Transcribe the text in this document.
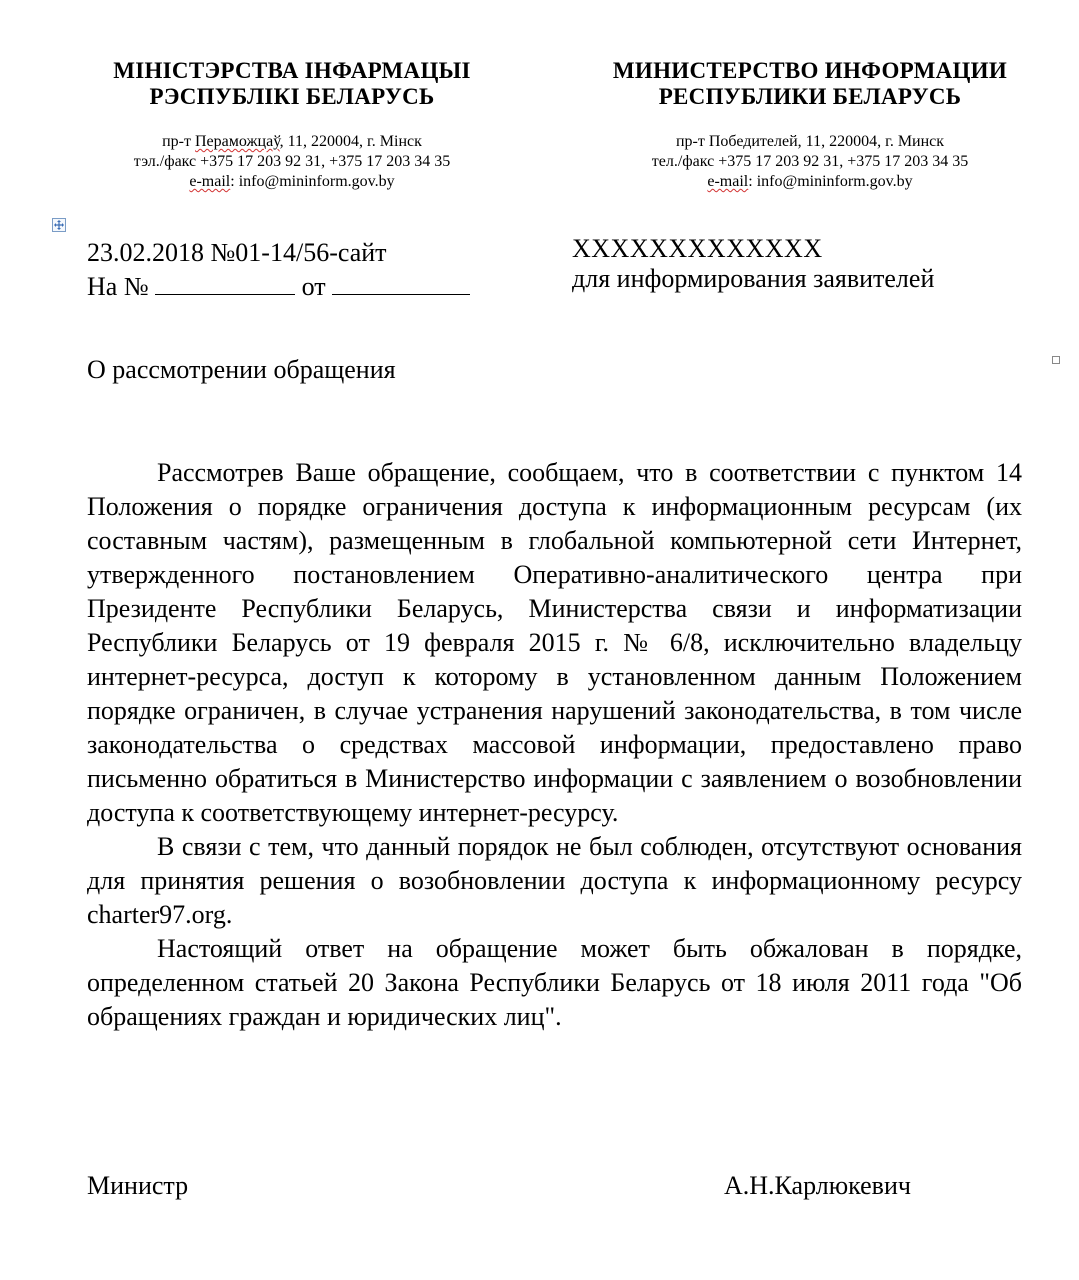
МІНІСТЭРСТВА ІНФАРМАЦЫІ
РЭСПУБЛІКІ БЕЛАРУСЬ
пр-т Пераможцаў, 11, 220004, г. Мінск
тэл./факс +375 17 203 92 31, +375 17 203 34 35
e-mail: info@mininform.gov.by
МИНИСТЕРСТВО ИНФОРМАЦИИ
РЕСПУБЛИКИ БЕЛАРУСЬ
пр-т Победителей, 11, 220004, г. Минск
тел./факс +375 17 203 92 31, +375 17 203 34 35
e-mail: info@mininform.gov.by
23.02.2018 №01-14/56-сайт
На №	от
XXXXXXXXXXXXX
для информирования заявителей
О рассмотрении обращения

Рассмотрев Ваше обращение, сообщаем, что в соответствии с пунктом 14 Положения о порядке ограничения доступа к информационным ресурсам (их составным частям), размещенным в глобальной компьютерной сети Интернет, утвержденного постановлением Оперативно-аналитического центра при Президенте Республики Беларусь, Министерства связи и информатизации Республики Беларусь от 19 февраля 2015 г. № 6/8, исключительно владельцу интернет-ресурса, доступ к которому в установленном данным Положением порядке ограничен, в случае устранения нарушений законодательства, в том числе законодательства о средствах массовой информации, предоставлено право письменно обратиться в Министерство информации с заявлением о возобновлении доступа к соответствующему интернет-ресурсу.

В связи с тем, что данный порядок не был соблюден, отсутствуют основания для принятия решения о возобновлении доступа к информационному ресурсу charter97.org.

Настоящий ответ на обращение может быть обжалован в порядке, определенном статьей 20 Закона Республики Беларусь от 18 июля 2011 года "Об обращениях граждан и юридических лиц".

Министр	А.Н.Карлюкевич
